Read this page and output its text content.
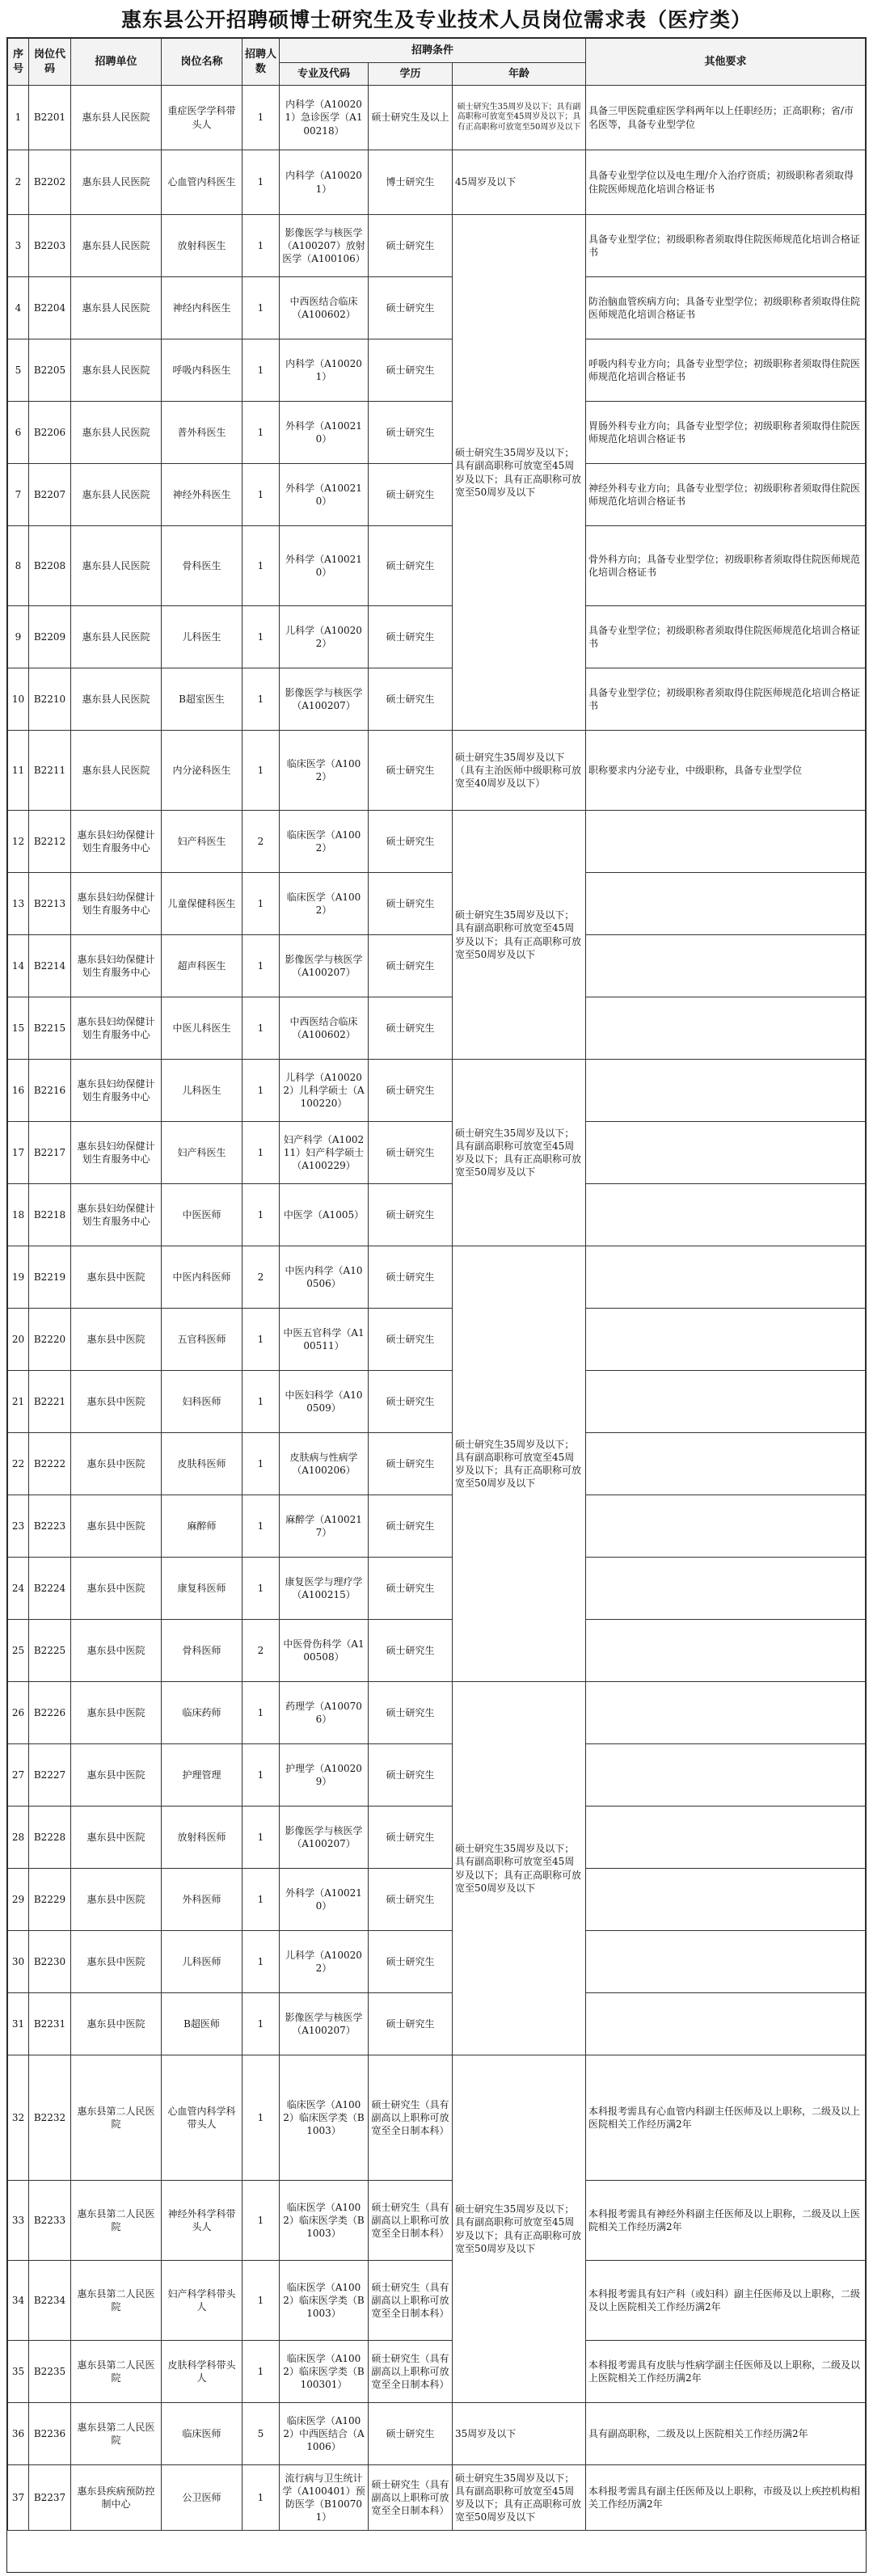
惠东县公开招聘硕博士研究生及专业技术人员岗位需求表（医疗类）
序号	岗位代码	招聘单位	岗位名称	招聘人数	招聘条件			其他要求
					专业及代码	学历	年龄	
1	B2201	惠东县人民医院	重症医学学科带头人	1	内科学（A100201）急诊医学（A100218）	硕士研究生及以上	硕士研究生35周岁及以下；具有副高职称可放宽至45周岁及以下；具有正高职称可放宽至50周岁及以下	具备三甲医院重症医学科两年以上任职经历；正高职称；省/市名医等，具备专业型学位
2	B2202	惠东县人民医院	心血管内科医生	1	内科学（A100201）	博士研究生	45周岁及以下	具备专业型学位以及电生理/介入治疗资质；初级职称者须取得住院医师规范化培训合格证书
3	B2203	惠东县人民医院	放射科医生	1	影像医学与核医学（A100207）放射医学（A100106）	硕士研究生	硕士研究生35周岁及以下；具有副高职称可放宽至45周岁及以下；具有正高职称可放宽至50周岁及以下	具备专业型学位；初级职称者须取得住院医师规范化培训合格证书
4	B2204	惠东县人民医院	神经内科医生	1	中西医结合临床（A100602）	硕士研究生		防治脑血管疾病方向；具备专业型学位；初级职称者须取得住院医师规范化培训合格证书
5	B2205	惠东县人民医院	呼吸内科医生	1	内科学（A100201）	硕士研究生		呼吸内科专业方向；具备专业型学位；初级职称者须取得住院医师规范化培训合格证书
6	B2206	惠东县人民医院	普外科医生	1	外科学（A100210）	硕士研究生		胃肠外科专业方向；具备专业型学位；初级职称者须取得住院医师规范化培训合格证书
7	B2207	惠东县人民医院	神经外科医生	1	外科学（A100210）	硕士研究生		神经外科专业方向；具备专业型学位；初级职称者须取得住院医师规范化培训合格证书
8	B2208	惠东县人民医院	骨科医生	1	外科学（A100210）	硕士研究生		骨外科方向；具备专业型学位；初级职称者须取得住院医师规范化培训合格证书
9	B2209	惠东县人民医院	儿科医生	1	儿科学（A100202）	硕士研究生		具备专业型学位；初级职称者须取得住院医师规范化培训合格证书
10	B2210	惠东县人民医院	B超室医生	1	影像医学与核医学（A100207）	硕士研究生		具备专业型学位；初级职称者须取得住院医师规范化培训合格证书
11	B2211	惠东县人民医院	内分泌科医生	1	临床医学（A1002）	硕士研究生	硕士研究生35周岁及以下（具有主治医师中级职称可放宽至40周岁及以下）	职称要求内分泌专业，中级职称，具备专业型学位
12	B2212	惠东县妇幼保健计划生育服务中心	妇产科医生	2	临床医学（A1002）	硕士研究生	硕士研究生35周岁及以下；具有副高职称可放宽至45周岁及以下；具有正高职称可放宽至50周岁及以下	
13	B2213	惠东县妇幼保健计划生育服务中心	儿童保健科医生	1	临床医学（A1002）	硕士研究生		
14	B2214	惠东县妇幼保健计划生育服务中心	超声科医生	1	影像医学与核医学（A100207）	硕士研究生		
15	B2215	惠东县妇幼保健计划生育服务中心	中医儿科医生	1	中西医结合临床（A100602）	硕士研究生		
16	B2216	惠东县妇幼保健计划生育服务中心	儿科医生	1	儿科学（A100202）儿科学硕士（A100220）	硕士研究生	硕士研究生35周岁及以下；具有副高职称可放宽至45周岁及以下；具有正高职称可放宽至50周岁及以下	
17	B2217	惠东县妇幼保健计划生育服务中心	妇产科医生	1	妇产科学（A100211）妇产科学硕士（A100229）	硕士研究生		
18	B2218	惠东县妇幼保健计划生育服务中心	中医医师	1	中医学（A1005）	硕士研究生		
19	B2219	惠东县中医院	中医内科医师	2	中医内科学（A100506）	硕士研究生	硕士研究生35周岁及以下；具有副高职称可放宽至45周岁及以下；具有正高职称可放宽至50周岁及以下	
20	B2220	惠东县中医院	五官科医师	1	中医五官科学（A100511）	硕士研究生		
21	B2221	惠东县中医院	妇科医师	1	中医妇科学（A100509）	硕士研究生		
22	B2222	惠东县中医院	皮肤科医师	1	皮肤病与性病学（A100206）	硕士研究生		
23	B2223	惠东县中医院	麻醉师	1	麻醉学（A100217）	硕士研究生		
24	B2224	惠东县中医院	康复科医师	1	康复医学与理疗学（A100215）	硕士研究生		
25	B2225	惠东县中医院	骨科医师	2	中医骨伤科学（A100508）	硕士研究生		
26	B2226	惠东县中医院	临床药师	1	药理学（A100706）	硕士研究生	硕士研究生35周岁及以下；具有副高职称可放宽至45周岁及以下；具有正高职称可放宽至50周岁及以下	
27	B2227	惠东县中医院	护理管理	1	护理学（A100209）	硕士研究生		
28	B2228	惠东县中医院	放射科医师	1	影像医学与核医学（A100207）	硕士研究生		
29	B2229	惠东县中医院	外科医师	1	外科学（A100210）	硕士研究生		
30	B2230	惠东县中医院	儿科医师	1	儿科学（A100202）	硕士研究生		
31	B2231	惠东县中医院	B超医师	1	影像医学与核医学（A100207）	硕士研究生		
32	B2232	惠东县第二人民医院	心血管内科学科带头人	1	临床医学（A1002）临床医学类（B1003）	硕士研究生（具有副高以上职称可放宽至全日制本科）	硕士研究生35周岁及以下；具有副高职称可放宽至45周岁及以下；具有正高职称可放宽至50周岁及以下	本科报考需具有心血管内科副主任医师及以上职称，二级及以上医院相关工作经历满2年
33	B2233	惠东县第二人民医院	神经外科学科带头人	1	临床医学（A1002）临床医学类（B1003）	硕士研究生（具有副高以上职称可放宽至全日制本科）		本科报考需具有神经外科副主任医师及以上职称，二级及以上医院相关工作经历满2年
34	B2234	惠东县第二人民医院	妇产科学科带头人	1	临床医学（A1002）临床医学类（B1003）	硕士研究生（具有副高以上职称可放宽至全日制本科）		本科报考需具有妇产科（或妇科）副主任医师及以上职称，二级及以上医院相关工作经历满2年
35	B2235	惠东县第二人民医院	皮肤科学科带头人	1	临床医学（A1002）临床医学类（B100301）	硕士研究生（具有副高以上职称可放宽至全日制本科）		本科报考需具有皮肤与性病学副主任医师及以上职称，二级及以上医院相关工作经历满2年
36	B2236	惠东县第二人民医院	临床医师	5	临床医学（A1002）中西医结合（A1006）	硕士研究生	35周岁及以下	具有副高职称，二级及以上医院相关工作经历满2年
37	B2237	惠东县疾病预防控制中心	公卫医师	1	流行病与卫生统计学（A100401）预防医学（B100701）	硕士研究生（具有副高以上职称可放宽至全日制本科）	硕士研究生35周岁及以下；具有副高职称可放宽至45周岁及以下；具有正高职称可放宽至50周岁及以下	本科报考需具有副主任医师及以上职称，市级及以上疾控机构相关工作经历满2年
